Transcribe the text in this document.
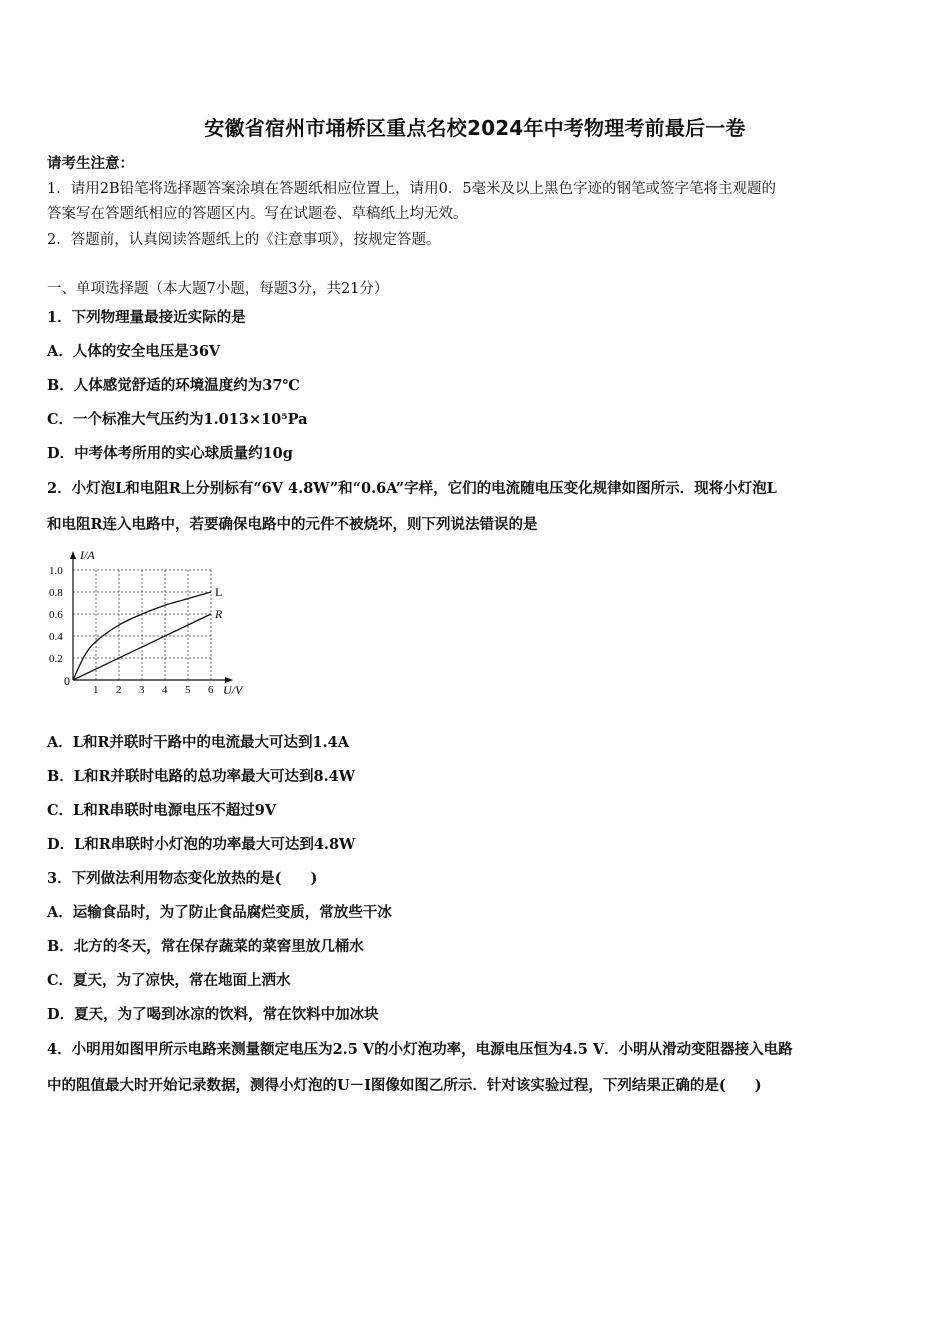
安徽省宿州市埇桥区重点名校2024年中考物理考前最后一卷
请考生注意：
1．请用2B铅笔将选择题答案涂填在答题纸相应位置上，请用0．5毫米及以上黑色字迹的钢笔或签字笔将主观题的
答案写在答题纸相应的答题区内。写在试题卷、草稿纸上均无效。
2．答题前，认真阅读答题纸上的《注意事项》，按规定答题。
一、单项选择题（本大题7小题，每题3分，共21分）
1．下列物理量最接近实际的是
A．人体的安全电压是36V
B．人体感觉舒适的环境温度约为37℃
C．一个标准大气压约为1.013×10⁵Pa
D．中考体考所用的实心球质量约10g
2．小灯泡L和电阻R上分别标有“6V 4.8W”和“0.6A”字样，它们的电流随电压变化规律如图所示．现将小灯泡L
和电阻R连入电路中，若要确保电路中的元件不被烧坏，则下列说法错误的是
1 2 3 4 5 6
0.2
0.4
0.6
0.8
1.0
L
R
I/A
U/V
0
A．L和R并联时干路中的电流最大可达到1.4A
B．L和R并联时电路的总功率最大可达到8.4W
C．L和R串联时电源电压不超过9V
D．L和R串联时小灯泡的功率最大可达到4.8W
3．下列做法利用物态变化放热的是(　　)
A．运输食品时，为了防止食品腐烂变质，常放些干冰
B．北方的冬天，常在保存蔬菜的菜窖里放几桶水
C．夏天，为了凉快，常在地面上洒水
D．夏天，为了喝到冰凉的饮料，常在饮料中加冰块
4．小明用如图甲所示电路来测量额定电压为2.5 V的小灯泡功率，电源电压恒为4.5 V．小明从滑动变阻器接入电路
中的阻值最大时开始记录数据，测得小灯泡的U－I图像如图乙所示．针对该实验过程，下列结果正确的是(　　)
